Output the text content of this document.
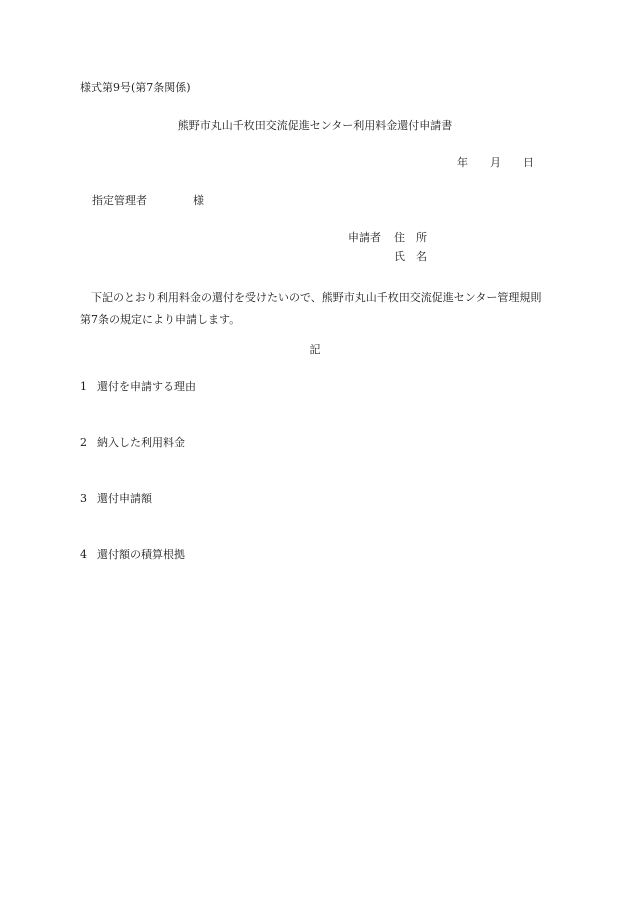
様式第9号(第7条関係)
熊野市丸山千枚田交流促進センター利用料金還付申請書
年 月 日
指定管理者	様
申請者 住 所
氏 名

下記のとおり利用料金の還付を受けたいので、熊野市丸山千枚田交流促進センター管理規則第7条の規定により申請します。

記
1 還付を申請する理由
2 納入した利用料金
3 還付申請額
4 還付額の積算根拠
